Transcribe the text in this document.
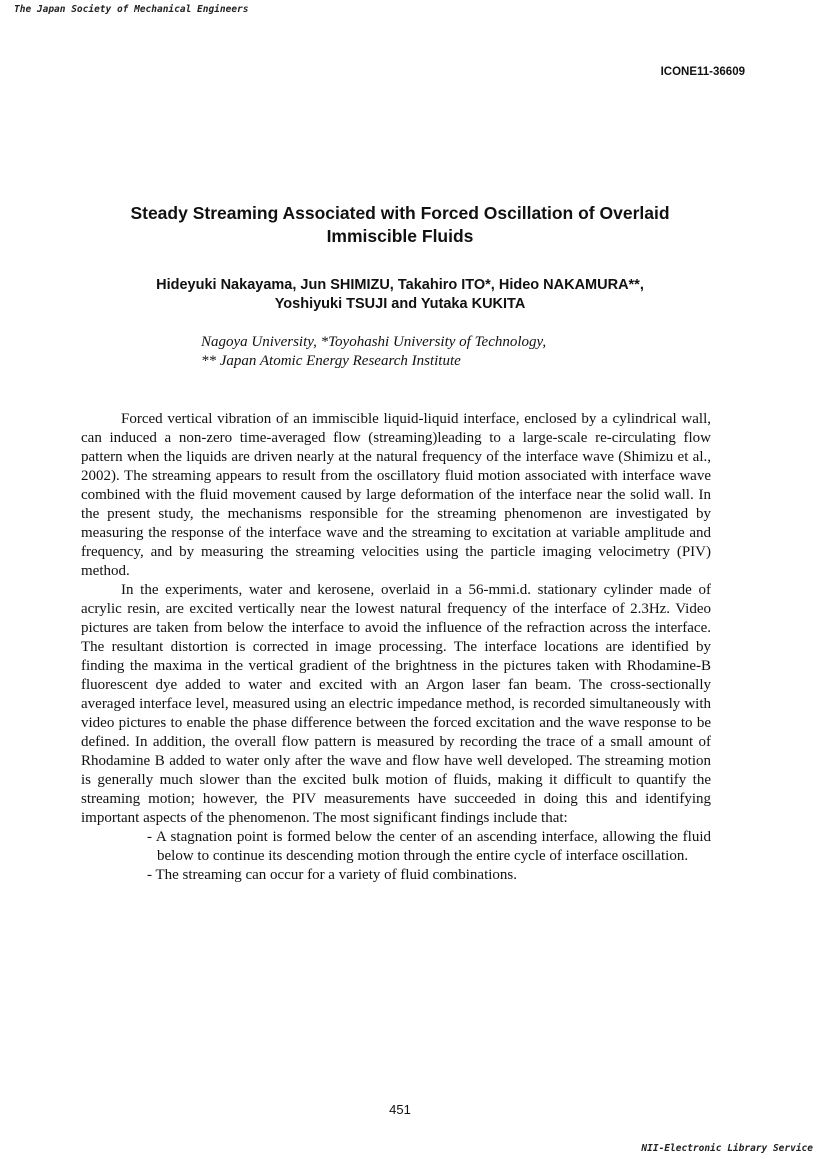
The Japan Society of Mechanical Engineers
ICONE11-36609
Steady Streaming Associated with Forced Oscillation of Overlaid
Immiscible Fluids
Hideyuki Nakayama, Jun SHIMIZU, Takahiro ITO*, Hideo NAKAMURA**,
Yoshiyuki TSUJI and Yutaka KUKITA
Nagoya University, *Toyohashi University of Technology,
** Japan Atomic Energy Research Institute

Forced vertical vibration of an immiscible liquid-liquid interface, enclosed by a cylindrical wall, can induced a non-zero time-averaged flow (streaming)leading to a large-scale re-circulating flow pattern when the liquids are driven nearly at the natural frequency of the interface wave (Shimizu et al., 2002). The streaming appears to result from the oscillatory fluid motion associated with interface wave combined with the fluid movement caused by large deformation of the interface near the solid wall. In the present study, the mechanisms responsible for the streaming phenomenon are investigated by measuring the response of the interface wave and the streaming to excitation at variable amplitude and frequency, and by measuring the streaming velocities using the particle imaging velocimetry (PIV) method.

In the experiments, water and kerosene, overlaid in a 56-mmi.d. stationary cylinder made of acrylic resin, are excited vertically near the lowest natural frequency of the interface of 2.3Hz. Video pictures are taken from below the interface to avoid the influence of the refraction across the interface. The resultant distortion is corrected in image processing. The interface locations are identified by finding the maxima in the vertical gradient of the brightness in the pictures taken with Rhodamine-B fluorescent dye added to water and excited with an Argon laser fan beam. The cross-sectionally averaged interface level, measured using an electric impedance method, is recorded simultaneously with video pictures to enable the phase difference between the forced excitation and the wave response to be defined. In addition, the overall flow pattern is measured by recording the trace of a small amount of Rhodamine B added to water only after the wave and flow have well developed. The streaming motion is generally much slower than the excited bulk motion of fluids, making it difficult to quantify the streaming motion; however, the PIV measurements have succeeded in doing this and identifying important aspects of the phenomenon. The most significant findings include that:

- A stagnation point is formed below the center of an ascending interface, allowing the fluid below to continue its descending motion through the entire cycle of interface oscillation.
- The streaming can occur for a variety of fluid combinations.
451
NII-Electronic Library Service
